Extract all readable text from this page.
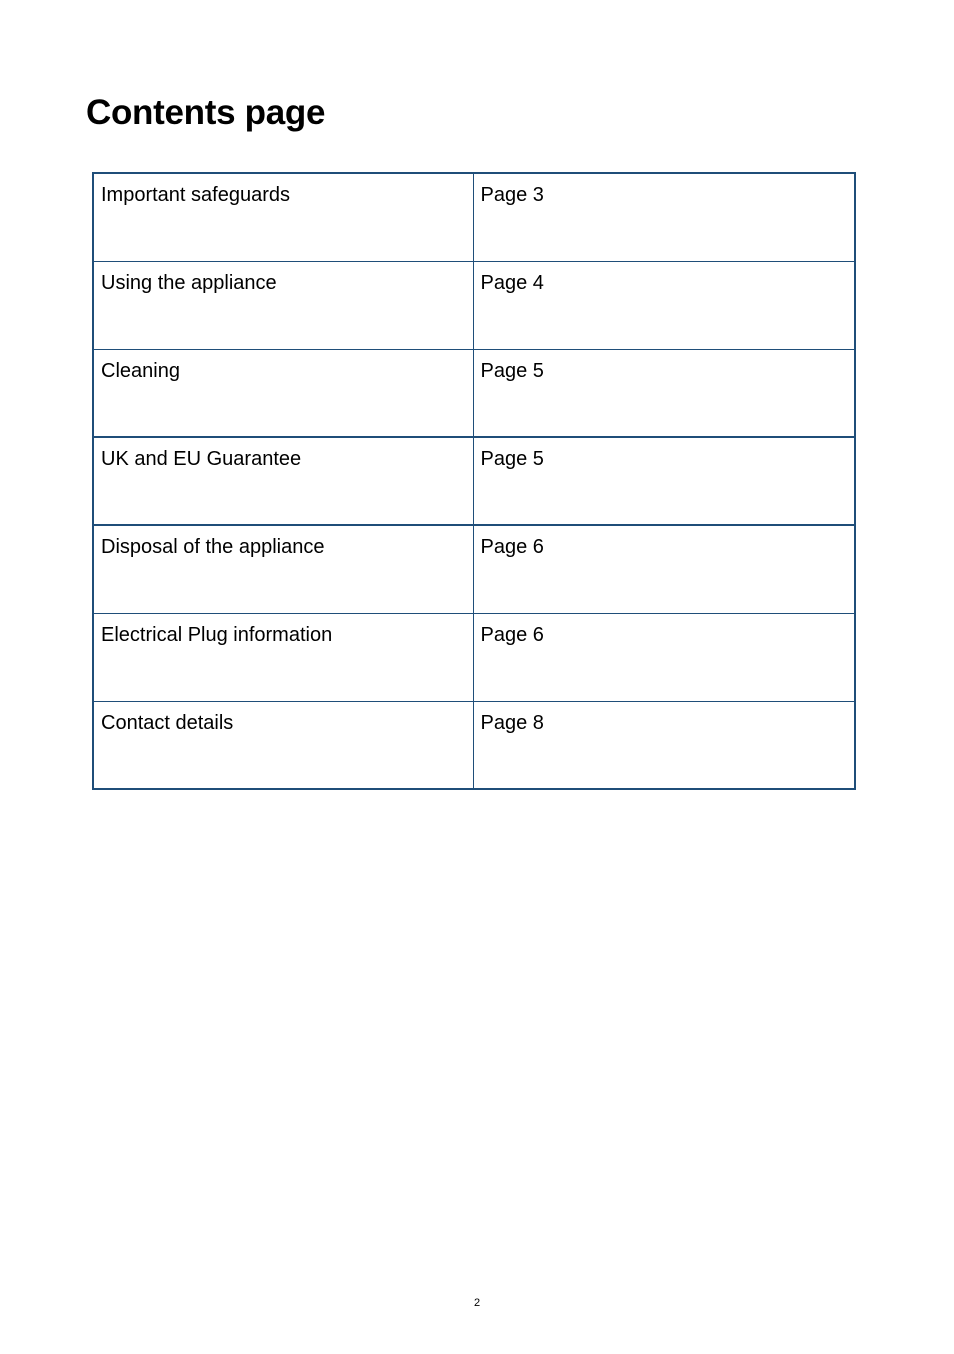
Contents page
Important safeguards	Page 3
Using the appliance	Page 4
Cleaning	Page 5
UK and EU Guarantee	Page 5
Disposal of the appliance	Page 6
Electrical Plug information	Page 6
Contact details	Page 8
2
